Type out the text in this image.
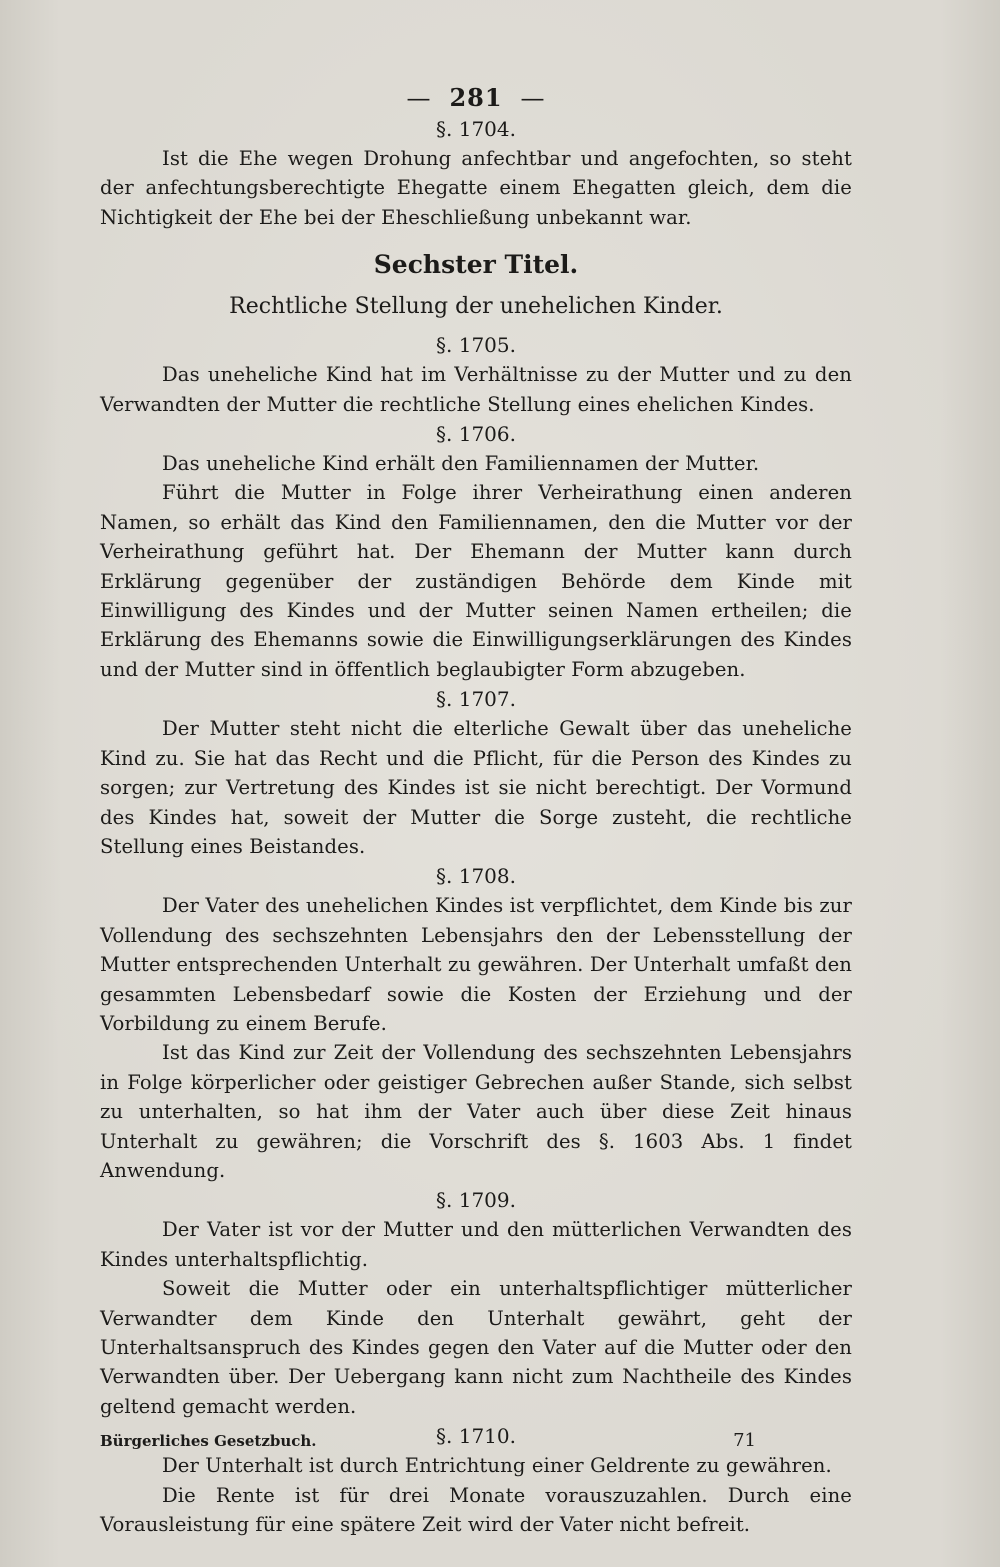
— 281 —
§. 1704.

Ist die Ehe wegen Drohung anfechtbar und angefochten, so steht der anfechtungsberechtigte Ehegatte einem Ehegatten gleich, dem die Nichtigkeit der Ehe bei der Eheschließung unbekannt war.

Sechster Titel.
Rechtliche Stellung der unehelichen Kinder.
§. 1705.

Das uneheliche Kind hat im Verhältnisse zu der Mutter und zu den Verwandten der Mutter die rechtliche Stellung eines ehelichen Kindes.

§. 1706.

Das uneheliche Kind erhält den Familiennamen der Mutter.

Führt die Mutter in Folge ihrer Verheirathung einen anderen Namen, so erhält das Kind den Familiennamen, den die Mutter vor der Verheirathung geführt hat. Der Ehemann der Mutter kann durch Erklärung gegenüber der zuständigen Behörde dem Kinde mit Einwilligung des Kindes und der Mutter seinen Namen ertheilen; die Erklärung des Ehemanns sowie die Einwilligungserklärungen des Kindes und der Mutter sind in öffentlich beglaubigter Form abzugeben.

§. 1707.

Der Mutter steht nicht die elterliche Gewalt über das uneheliche Kind zu. Sie hat das Recht und die Pflicht, für die Person des Kindes zu sorgen; zur Vertretung des Kindes ist sie nicht berechtigt. Der Vormund des Kindes hat, soweit der Mutter die Sorge zusteht, die rechtliche Stellung eines Beistandes.

§. 1708.

Der Vater des unehelichen Kindes ist verpflichtet, dem Kinde bis zur Vollendung des sechszehnten Lebensjahrs den der Lebensstellung der Mutter entsprechenden Unterhalt zu gewähren. Der Unterhalt umfaßt den gesammten Lebensbedarf sowie die Kosten der Erziehung und der Vorbildung zu einem Berufe.

Ist das Kind zur Zeit der Vollendung des sechszehnten Lebensjahrs in Folge körperlicher oder geistiger Gebrechen außer Stande, sich selbst zu unterhalten, so hat ihm der Vater auch über diese Zeit hinaus Unterhalt zu gewähren; die Vorschrift des §. 1603 Abs. 1 findet Anwendung.

§. 1709.

Der Vater ist vor der Mutter und den mütterlichen Verwandten des Kindes unterhaltspflichtig.

Soweit die Mutter oder ein unterhaltspflichtiger mütterlicher Verwandter dem Kinde den Unterhalt gewährt, geht der Unterhaltsanspruch des Kindes gegen den Vater auf die Mutter oder den Verwandten über. Der Uebergang kann nicht zum Nachtheile des Kindes geltend gemacht werden.

§. 1710.

Der Unterhalt ist durch Entrichtung einer Geldrente zu gewähren.

Die Rente ist für drei Monate vorauszuzahlen. Durch eine Vorausleistung für eine spätere Zeit wird der Vater nicht befreit.

Bürgerliches Gesetzbuch.	71
